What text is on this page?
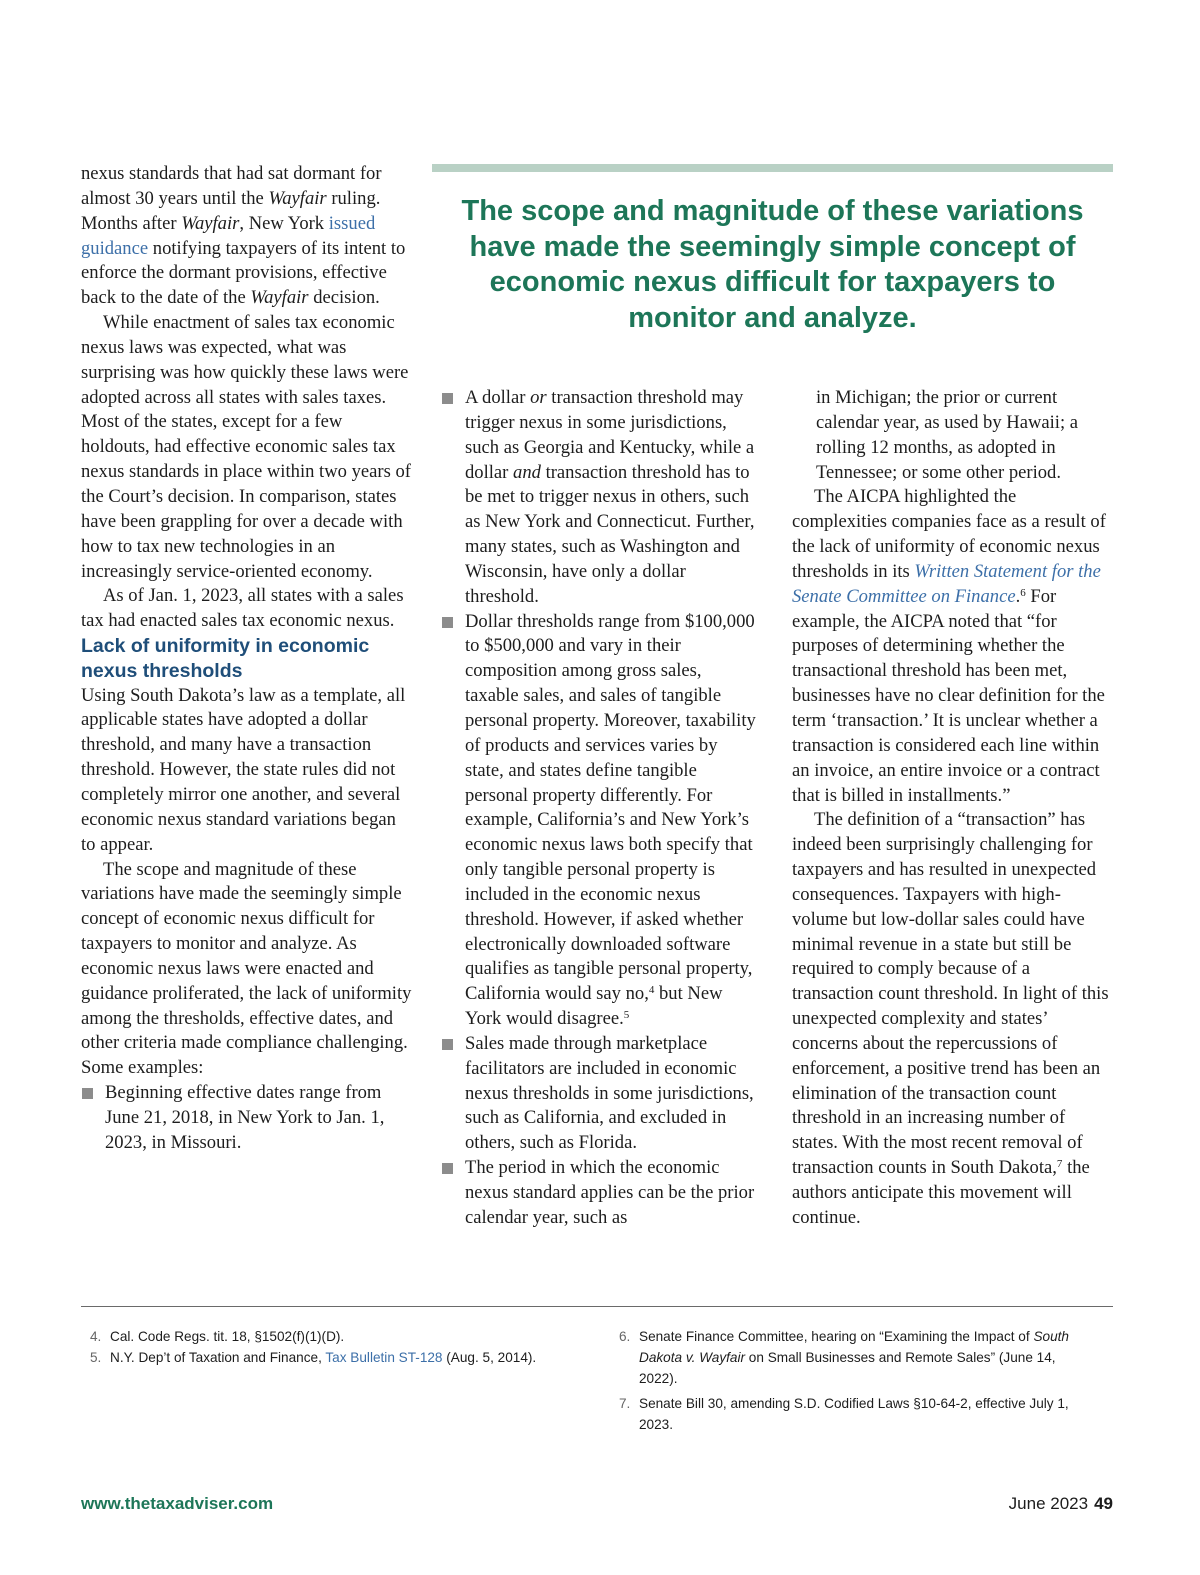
nexus standards that had sat dormant for almost 30 years until the Wayfair ruling. Months after Wayfair, New York issued guidance notifying taxpayers of its intent to enforce the dormant provisions, effective back to the date of the Wayfair decision.

While enactment of sales tax economic nexus laws was expected, what was surprising was how quickly these laws were adopted across all states with sales taxes. Most of the states, except for a few holdouts, had effective economic sales tax nexus standards in place within two years of the Court’s decision. In comparison, states have been grappling for over a decade with how to tax new technologies in an increasingly service-oriented economy.

As of Jan. 1, 2023, all states with a sales tax had enacted sales tax economic nexus.

Lack of uniformity in economic nexus thresholds

Using South Dakota’s law as a template, all applicable states have adopted a dollar threshold, and many have a transaction threshold. However, the state rules did not completely mirror one another, and several economic nexus standard variations began to appear.

The scope and magnitude of these variations have made the seemingly simple concept of economic nexus difficult for taxpayers to monitor and analyze. As economic nexus laws were enacted and guidance proliferated, the lack of uniformity among the thresholds, effective dates, and other criteria made compliance challenging. Some examples:

Beginning effective dates range from June 21, 2018, in New York to Jan. 1, 2023, in Missouri.
The scope and magnitude of these variations have made the seemingly simple concept of economic nexus difficult for taxpayers to monitor and analyze.
A dollar or transaction threshold may trigger nexus in some jurisdictions, such as Georgia and Kentucky, while a dollar and transaction threshold has to be met to trigger nexus in others, such as New York and Connecticut. Further, many states, such as Washington and Wisconsin, have only a dollar threshold.
Dollar thresholds range from $100,000 to $500,000 and vary in their composition among gross sales, taxable sales, and sales of tangible personal property. Moreover, taxability of products and services varies by state, and states define tangible personal property differently. For example, California’s and New York’s economic nexus laws both specify that only tangible personal property is included in the economic nexus threshold. However, if asked whether electronically downloaded software qualifies as tangible personal property, California would say no,$^4$ but New York would disagree.$^5$
Sales made through marketplace facilitators are included in economic nexus thresholds in some jurisdictions, such as California, and excluded in others, such as Florida.
The period in which the economic nexus standard applies can be the prior calendar year, such as

in Michigan; the prior or current calendar year, as used by Hawaii; a rolling 12 months, as adopted in Tennessee; or some other period.

The AICPA highlighted the complexities companies face as a result of the lack of uniformity of economic nexus thresholds in its Written Statement for the Senate Committee on Finance.$^6$ For example, the AICPA noted that “for purposes of determining whether the transactional threshold has been met, businesses have no clear definition for the term ‘transaction.’ It is unclear whether a transaction is considered each line within an invoice, an entire invoice or a contract that is billed in installments.”

The definition of a “transaction” has indeed been surprisingly challenging for taxpayers and has resulted in unexpected consequences. Taxpayers with high-volume but low-dollar sales could have minimal revenue in a state but still be required to comply because of a transaction count threshold. In light of this unexpected complexity and states’ concerns about the repercussions of enforcement, a positive trend has been an elimination of the transaction count threshold in an increasing number of states. With the most recent removal of transaction counts in South Dakota,$^7$ the authors anticipate this movement will continue.

4. Cal. Code Regs. tit. 18, §1502(f)(1)(D).
5. N.Y. Dep’t of Taxation and Finance, Tax Bulletin ST-128 (Aug. 5, 2014).
6. Senate Finance Committee, hearing on “Examining the Impact of South Dakota v. Wayfair on Small Businesses and Remote Sales” (June 14, 2022).
7. Senate Bill 30, amending S.D. Codified Laws §10-64-2, effective July 1, 2023.
www.thetaxadviser.com	June 2023 49
